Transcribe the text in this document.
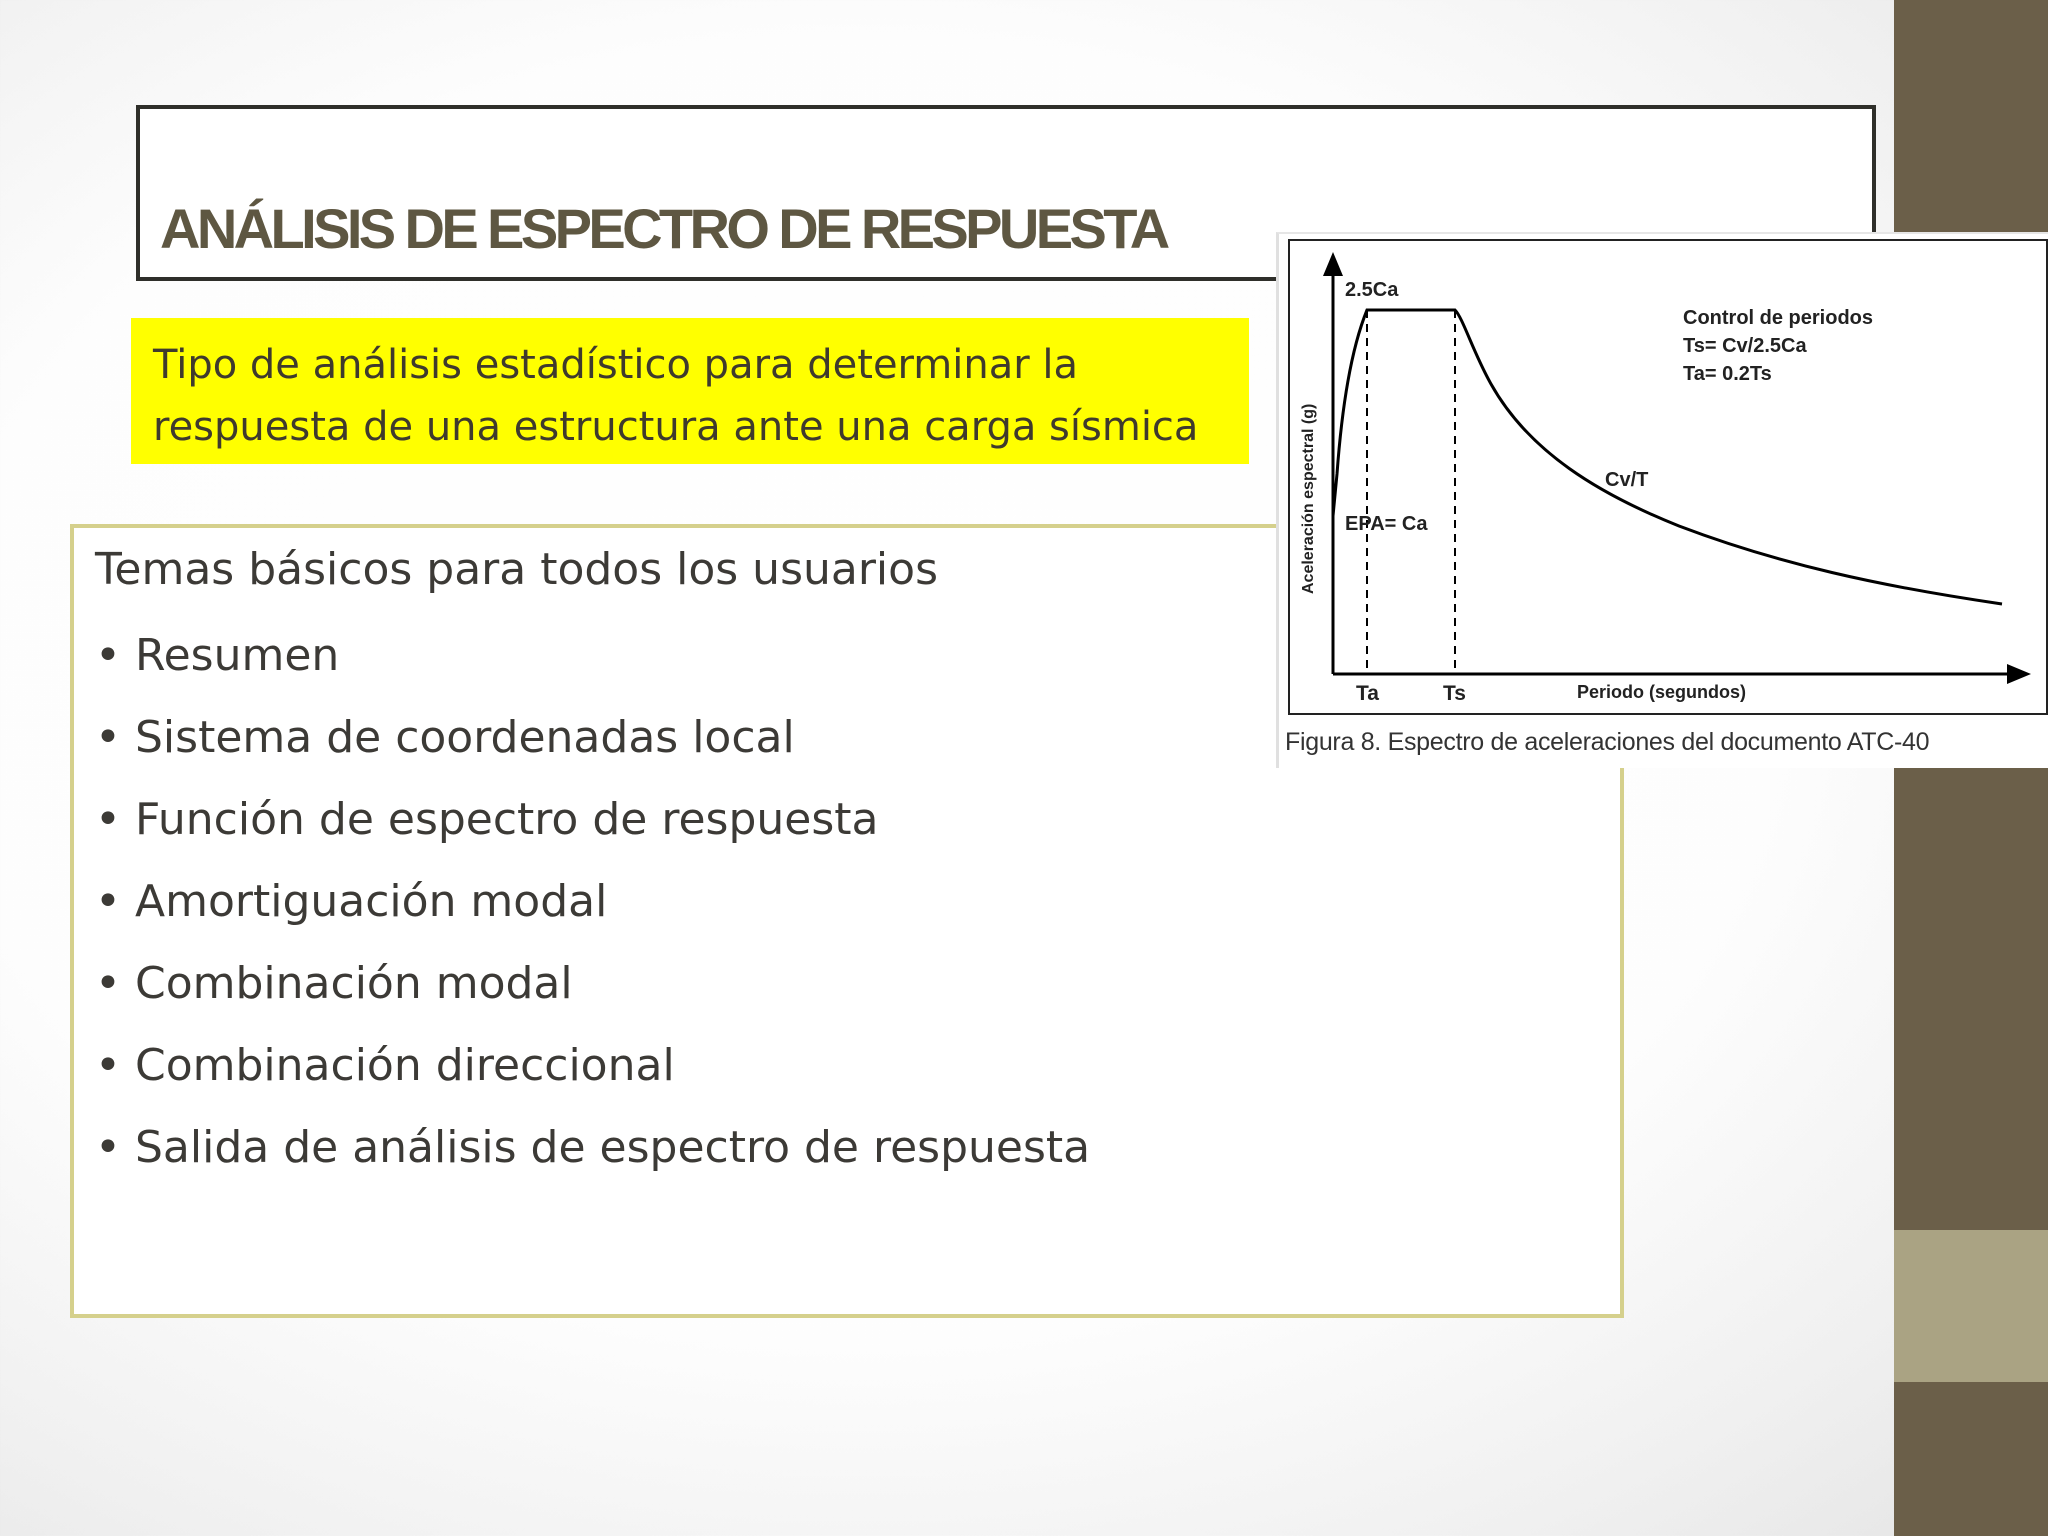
ANÁLISIS DE ESPECTRO DE RESPUESTA
Tipo de análisis estadístico para determinar la
respuesta de una estructura ante una carga sísmica
Temas básicos para todos los usuarios
• Resumen
• Sistema de coordenadas local
• Función de espectro de respuesta
• Amortiguación modal
• Combinación modal
• Combinación direccional
• Salida de análisis de espectro de respuesta
2.5Ca
EPA= Ca
Cv/T
Ta	Ts	Periodo (segundos)
Aceleración espectral (g)
Control de periodos
Ts= Cv/2.5Ca
Ta= 0.2Ts
Figura 8. Espectro de aceleraciones del documento ATC-40
